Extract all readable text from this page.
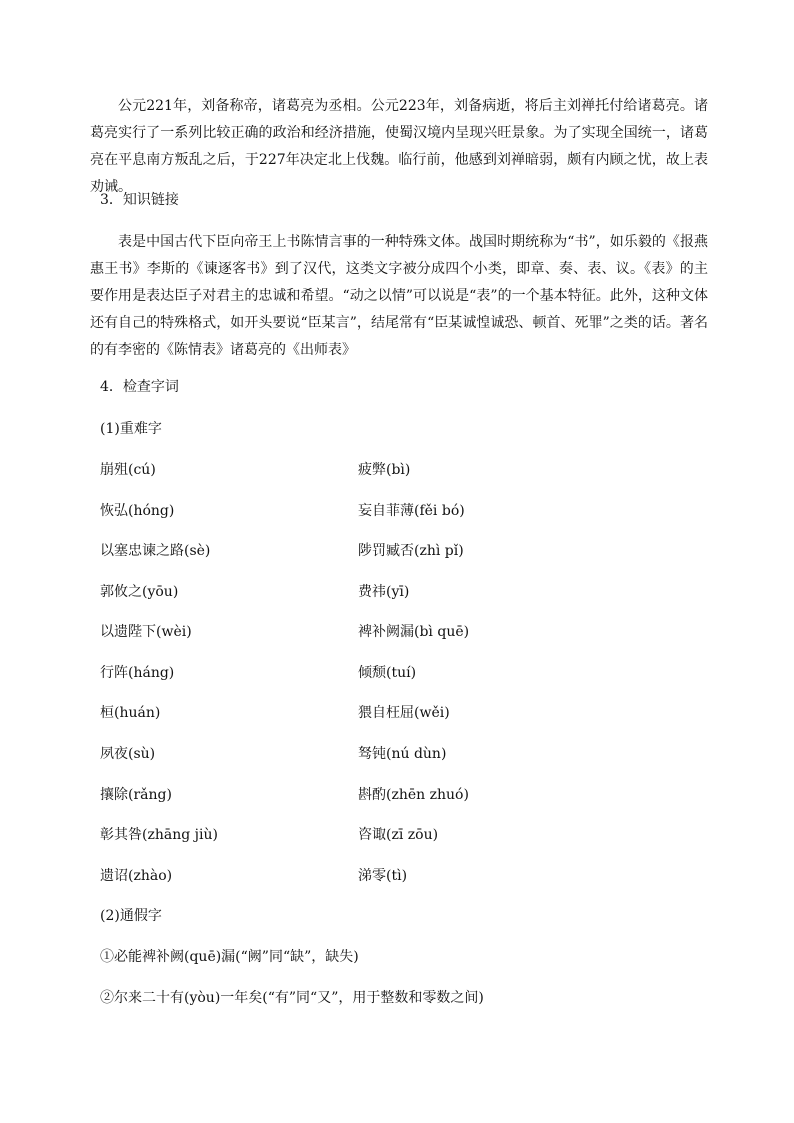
公元221年，刘备称帝，诸葛亮为丞相。公元223年，刘备病逝，将后主刘禅托付给诸葛亮。诸葛亮实行了一系列比较正确的政治和经济措施，使蜀汉境内呈现兴旺景象。为了实现全国统一，诸葛亮在平息南方叛乱之后，于227年决定北上伐魏。临行前，他感到刘禅暗弱，颇有内顾之忧，故上表劝诫。

3．知识链接

表是中国古代下臣向帝王上书陈情言事的一种特殊文体。战国时期统称为“书”，如乐毅的《报燕惠王书》李斯的《谏逐客书》到了汉代，这类文字被分成四个小类，即章、奏、表、议。《表》的主要作用是表达臣子对君主的忠诚和希望。“动之以情”可以说是“表”的一个基本特征。此外，这种文体还有自己的特殊格式，如开头要说“臣某言”，结尾常有“臣某诚惶诚恐、顿首、死罪”之类的话。著名的有李密的《陈情表》诸葛亮的《出师表》

4．检查字词
(1)重难字
崩殂(cú)
恢弘(hóng)
以塞忠谏之路(sè)
郭攸之(yōu)
以遗陛下(wèi)
行阵(háng)
桓(huán)
夙夜(sù)
攘除(rǎng)
彰其咎(zhāng jiù)
遗诏(zhào)
疲弊(bì)
妄自菲薄(fěi bó)
陟罚臧否(zhì pǐ)
费祎(yī)
裨补阙漏(bì quē)
倾颓(tuí)
猥自枉屈(wěi)
驽钝(nú dùn)
斟酌(zhēn zhuó)
咨诹(zī zōu)
涕零(tì)
(2)通假字
①必能裨补阙(quē)漏(“阙”同“缺”，缺失)
②尔来二十有(yòu)一年矣(“有”同“又”，用于整数和零数之间)
